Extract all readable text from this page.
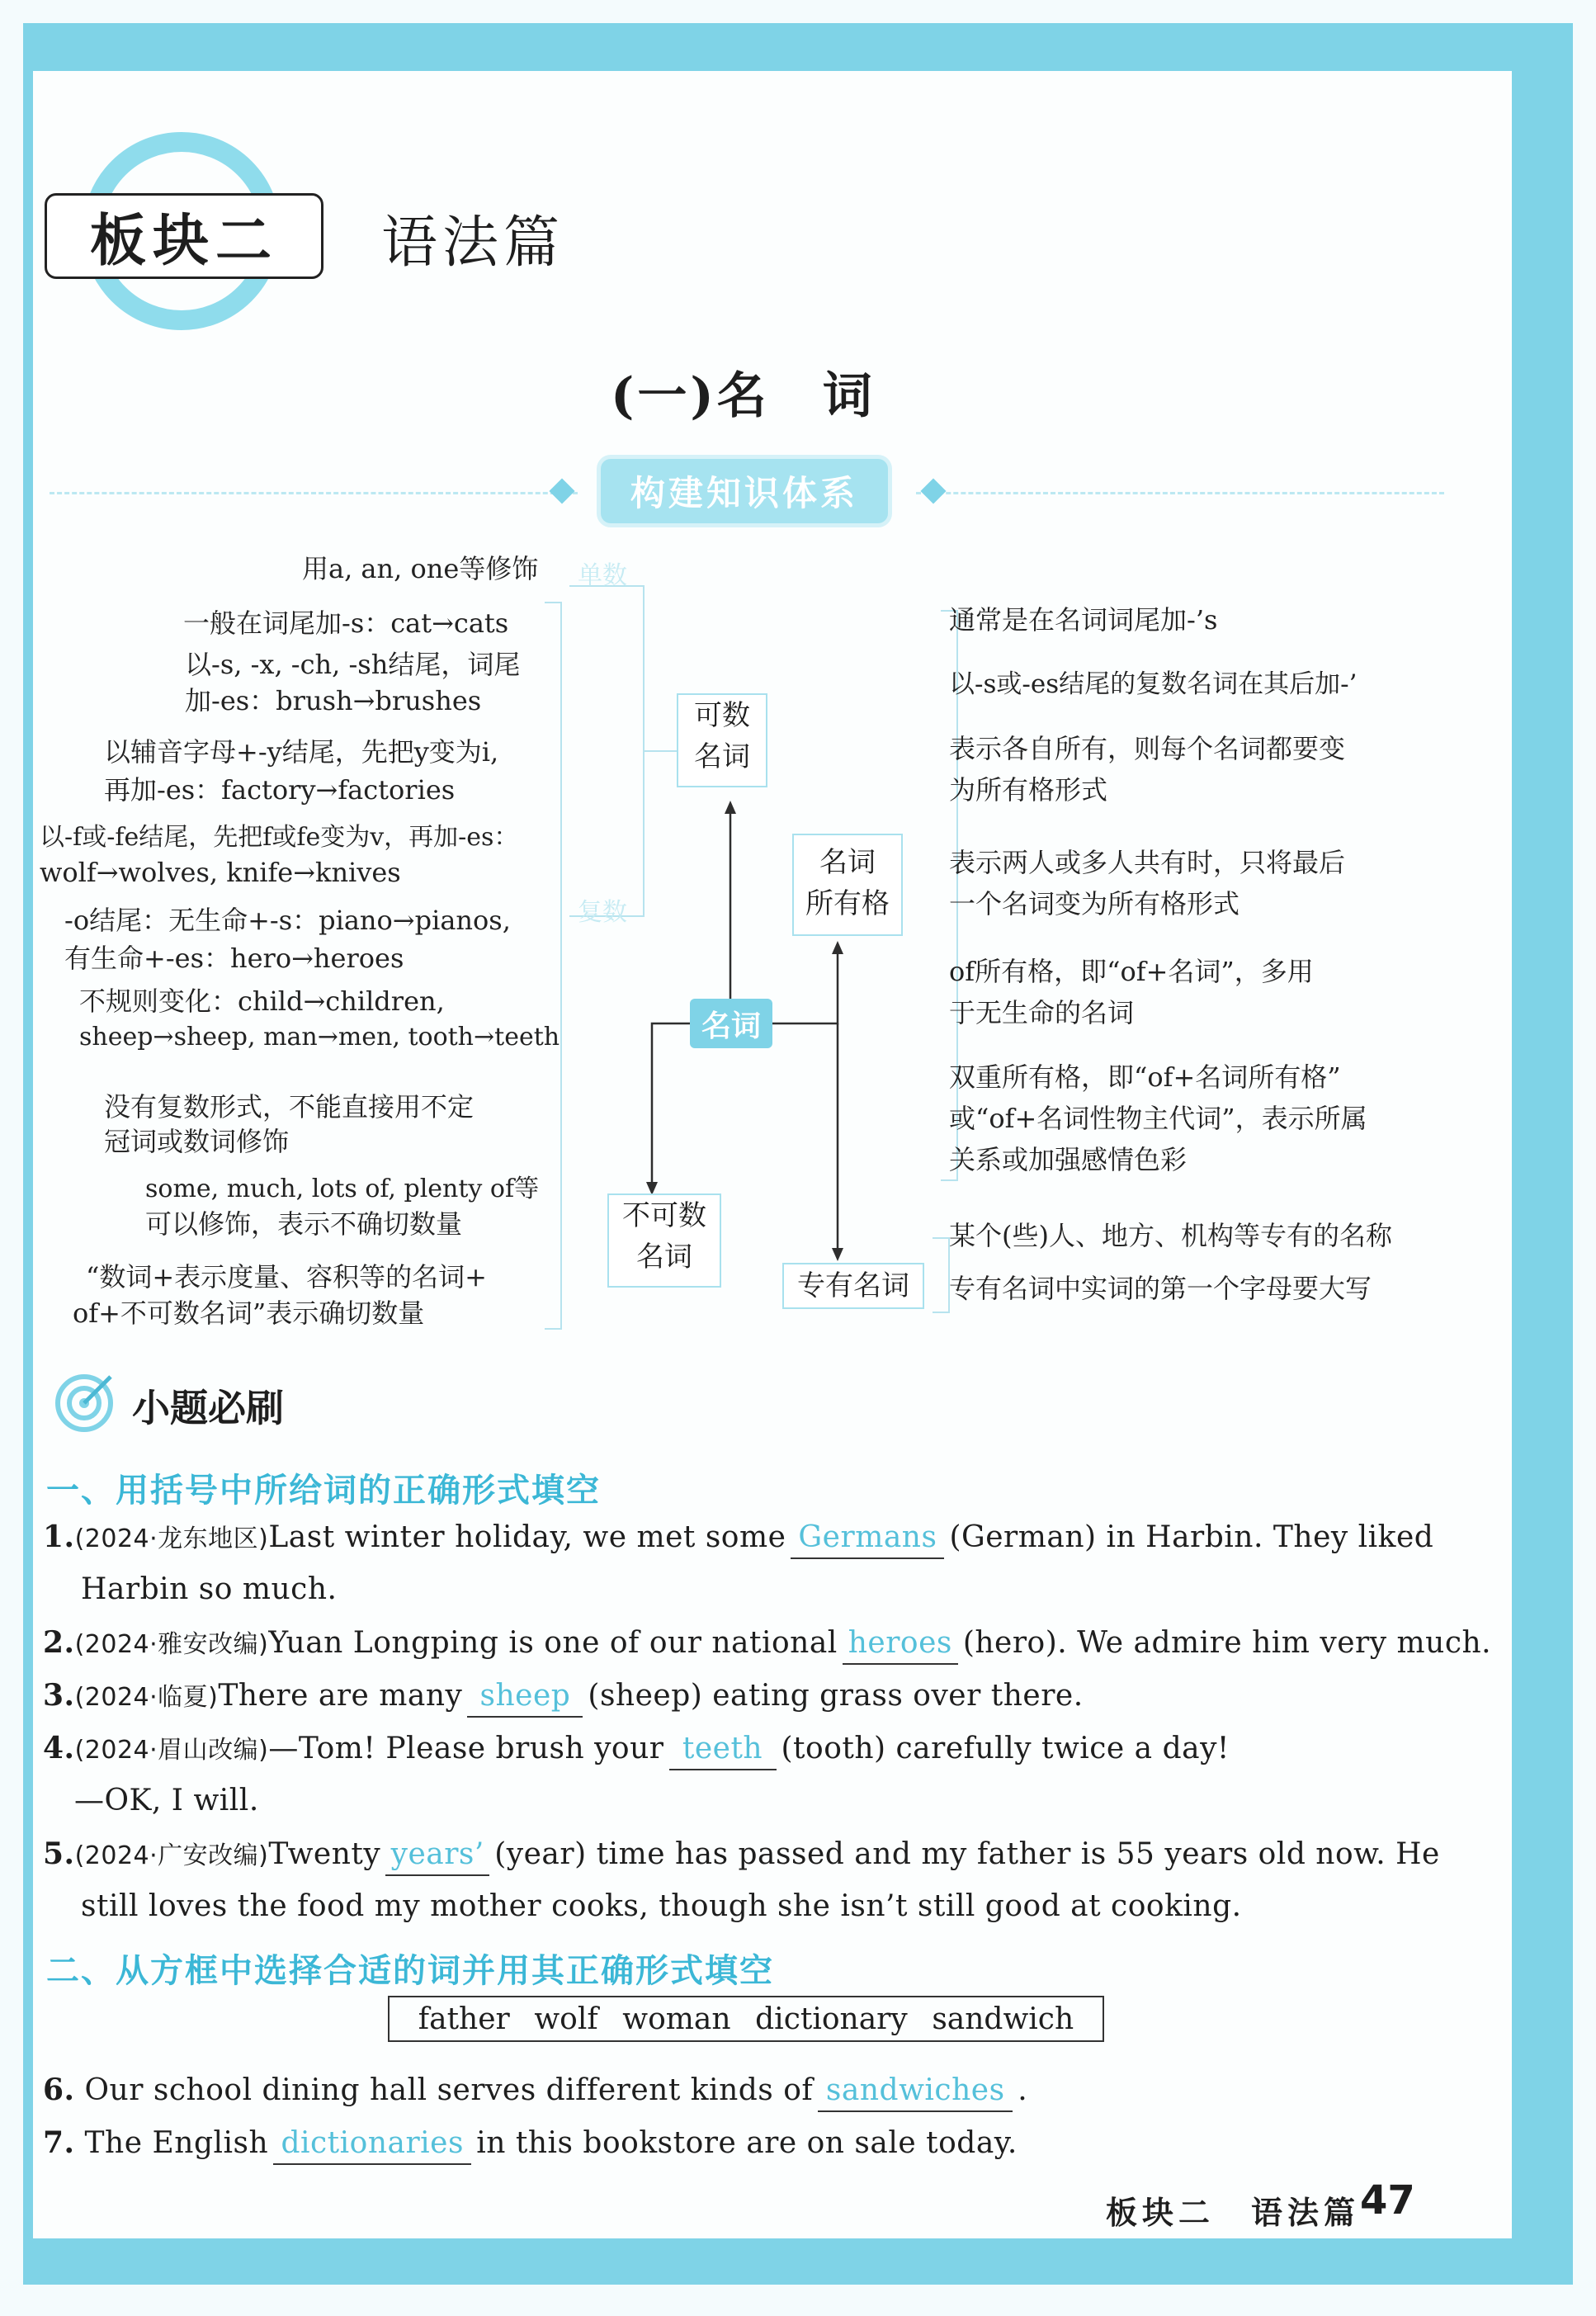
板块二	语法篇
(一)名　词
构建知识体系
名词
可数
名词
名词
所有格
不可数
名词
专有名词
单数
复数
用a, an, one等修饰
一般在词尾加-s：cat→cats
以-s, -x, -ch, -sh结尾，词尾
加-es：brush→brushes
以辅音字母+-y结尾，先把y变为i,
再加-es：factory→factories
以-f或-fe结尾，先把f或fe变为v，再加-es：
wolf→wolves, knife→knives
-o结尾：无生命+-s：piano→pianos,
有生命+-es：hero→heroes
不规则变化：child→children,
sheep→sheep, man→men, tooth→teeth
没有复数形式，不能直接用不定
冠词或数词修饰
some, much, lots of, plenty of等
可以修饰，表示不确切数量
“数词+表示度量、容积等的名词+
of+不可数名词”表示确切数量
通常是在名词词尾加-’s
以-s或-es结尾的复数名词在其后加-’
表示各自所有，则每个名词都要变
为所有格形式
表示两人或多人共有时，只将最后
一个名词变为所有格形式
of所有格，即“of+名词”，多用
于无生命的名词
双重所有格，即“of+名词所有格”
或“of+名词性物主代词”，表示所属
关系或加强感情色彩
某个(些)人、地方、机构等专有的名称
专有名词中实词的第一个字母要大写
小题必刷
一、用括号中所给词的正确形式填空
1.(2024·龙东地区)Last winter holiday, we met some Germans (German) in Harbin. They liked
Harbin so much.
2.(2024·雅安改编)Yuan Longping is one of our national heroes (hero). We admire him very much.
3.(2024·临夏)There are many sheep (sheep) eating grass over there.
4.(2024·眉山改编)—Tom! Please brush your teeth (tooth) carefully twice a day!
—OK, I will.
5.(2024·广安改编)Twenty years’ (year) time has passed and my father is 55 years old now. He
still loves the food my mother cooks, though she isn’t still good at cooking.
二、从方框中选择合适的词并用其正确形式填空
father wolf woman dictionary sandwich
6. Our school dining hall serves different kinds of sandwiches .
7. The English dictionaries in this bookstore are on sale today.
板块二　语法篇 47
